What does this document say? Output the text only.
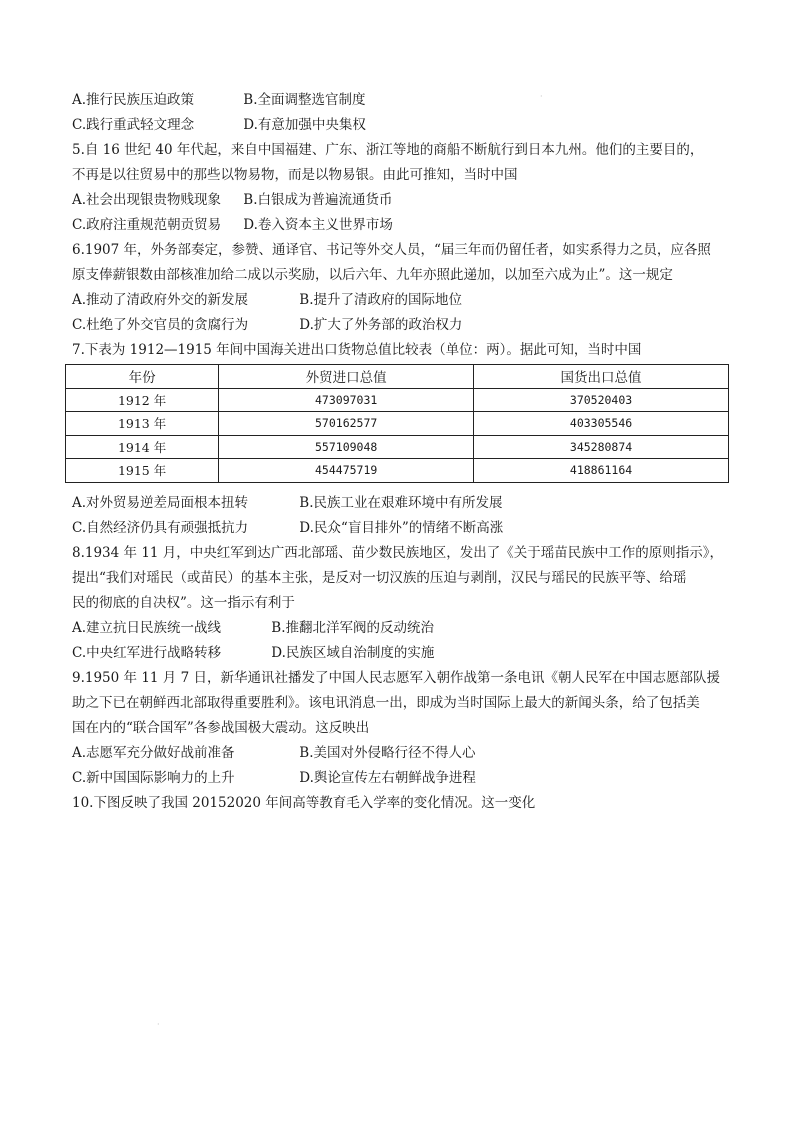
A.推行民族压迫政策	B.全面调整选官制度
C.践行重武轻文理念	D.有意加强中央集权
5.自 16 世纪 40 年代起，来自中国福建、广东、浙江等地的商船不断航行到日本九州。他们的主要目的，
不再是以往贸易中的那些以物易物，而是以物易银。由此可推知，当时中国
A.社会出现银贵物贱现象 B.白银成为普遍流通货币
C.政府注重规范朝贡贸易 D.卷入资本主义世界市场
6.1907 年，外务部奏定，参赞、通译官、书记等外交人员，“届三年而仍留任者，如实系得力之员，应各照
原支俸薪银数由部核准加给二成以示奖励，以后六年、九年亦照此递加，以加至六成为止”。这一规定
A.推动了清政府外交的新发展	B.提升了清政府的国际地位
C.杜绝了外交官员的贪腐行为	D.扩大了外务部的政治权力
7.下表为 1912—1915 年间中国海关进出口货物总值比较表（单位：两）。据此可知，当时中国
A.对外贸易逆差局面根本扭转	B.民族工业在艰难环境中有所发展
C.自然经济仍具有顽强抵抗力	D.民众“盲目排外”的情绪不断高涨
8.1934 年 11 月，中央红军到达广西北部瑶、苗少数民族地区，发出了《关于瑶苗民族中工作的原则指示》，
提出“我们对瑶民（或苗民）的基本主张，是反对一切汉族的压迫与剥削，汉民与瑶民的民族平等、给瑶
民的彻底的自决权”。这一指示有利于
A.建立抗日民族统一战线	B.推翻北洋军阀的反动统治
C.中央红军进行战略转移	D.民族区域自治制度的实施
9.1950 年 11 月 7 日，新华通讯社播发了中国人民志愿军入朝作战第一条电讯《朝人民军在中国志愿部队援
助之下已在朝鲜西北部取得重要胜利》。该电讯消息一出，即成为当时国际上最大的新闻头条，给了包括美
国在内的“联合国军”各参战国极大震动。这反映出
A.志愿军充分做好战前准备	B.美国对外侵略行径不得人心
C.新中国国际影响力的上升	D.舆论宣传左右朝鲜战争进程
10.下图反映了我国 20152020 年间高等教育毛入学率的变化情况。这一变化
年份	外贸进口总值	国货出口总值
1912 年	473097031	370520403
1913 年	570162577	403305546
1914 年	557109048	345280874
1915 年	454475719	418861164
·
·
